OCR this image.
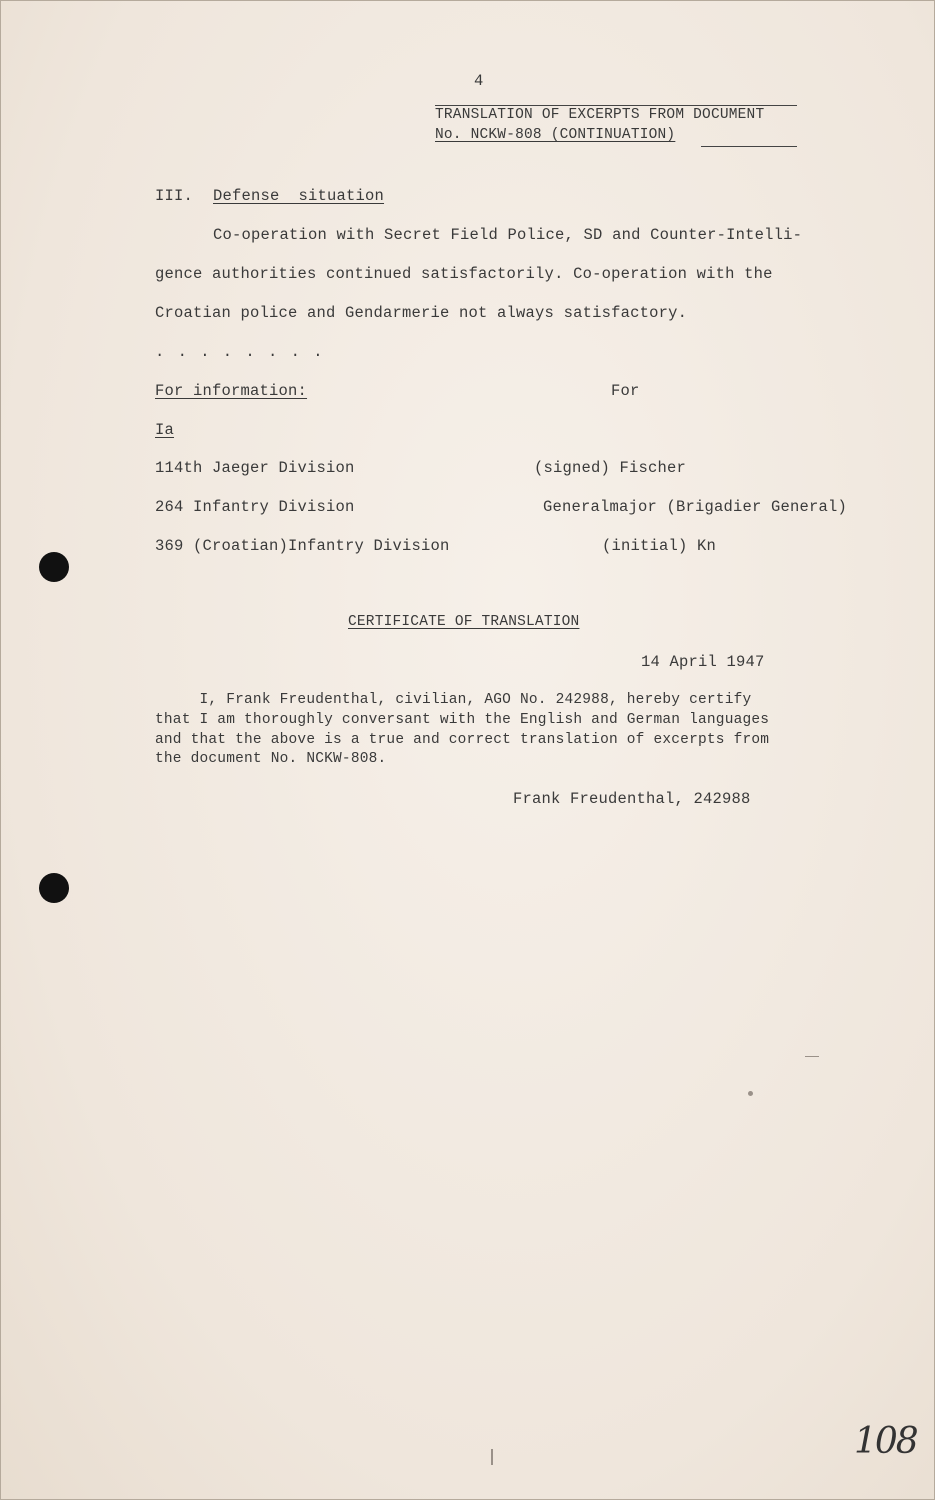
4
TRANSLATION OF EXCERPTS FROM DOCUMENT
No. NCKW-808 (CONTINUATION)
III. Defense  situation
Co-operation with Secret Field Police, SD and Counter-Intelli-
gence authorities continued satisfactorily. Co-operation with the
Croatian police and Gendarmerie not always satisfactory.
. . . . . . . .
For information:	For
Ia
114th Jaeger Division	(signed) Fischer
264 Infantry Division	Generalmajor (Brigadier General)
369 (Croatian)Infantry Division	(initial) Kn
CERTIFICATE OF TRANSLATION
14 April 1947
I, Frank Freudenthal, civilian, AGO No. 242988, hereby certify
that I am thoroughly conversant with the English and German languages
and that the above is a true and correct translation of excerpts from
the document No. NCKW-808.
Frank Freudenthal, 242988
108
